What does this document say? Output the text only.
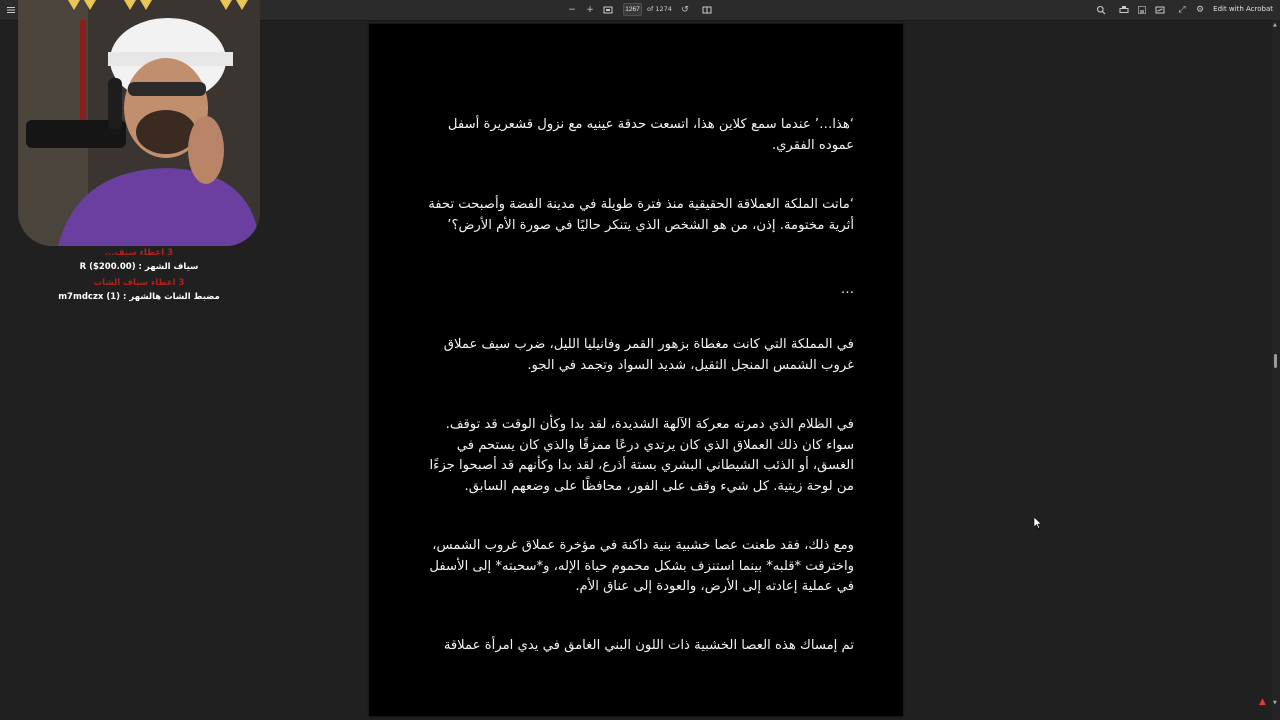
− +
1267	of 1274 ↺	⤢ ⚙ Edit with Acrobat
‘هذا…’ عندما سمع كلاين هذا، اتسعت حدقة عينيه مع نزول قشعريرة أسفل عموده الفقري.
‘ماتت الملكة العملاقة الحقيقية منذ فترة طويلة في مدينة الفضة وأصبحت تحفة أثرية مختومة. إذن، من هو الشخص الذي يتنكر حاليًا في صورة الأم الأرض؟’
…
في المملكة التي كانت مغطاة بزهور القمر وفانيليا الليل، ضرب سيف عملاق غروب الشمس المنجل الثقيل، شديد السواد وتجمد في الجو.
في الظلام الذي دمرته معركة الآلهة الشديدة، لقد بدا وكأن الوقت قد توقف. سواء كان ذلك العملاق الذي كان يرتدي درعًا ممزقًا والذي كان يستحم في الغسق، أو الذئب الشيطاني البشري بستة أذرع، لقد بدا وكأنهم قد أصبحوا جزءًا من لوحة زيتية. كل شيء وقف على الفور، محافظًا على وضعهم السابق.
ومع ذلك، فقد طعنت عصا خشبية بنية داكنة في مؤخرة عملاق غروب الشمس، واخترقت *قلبه* بينما استنزف بشكل محموم حياة الإله، و*سحبته* إلى الأسفل في عملية إعادته إلى الأرض، والعودة إلى عناق الأم.
تم إمساك هذه العصا الخشبية ذات اللون البني الغامق في يدي امرأة عملاقة
▲
▼
▲
3 اعطاء سيف...
سياف الشهر : (200.00$) R
3 اعطاء سياف الشات
مضبط الشات هالشهر : (1) m7mdczx
